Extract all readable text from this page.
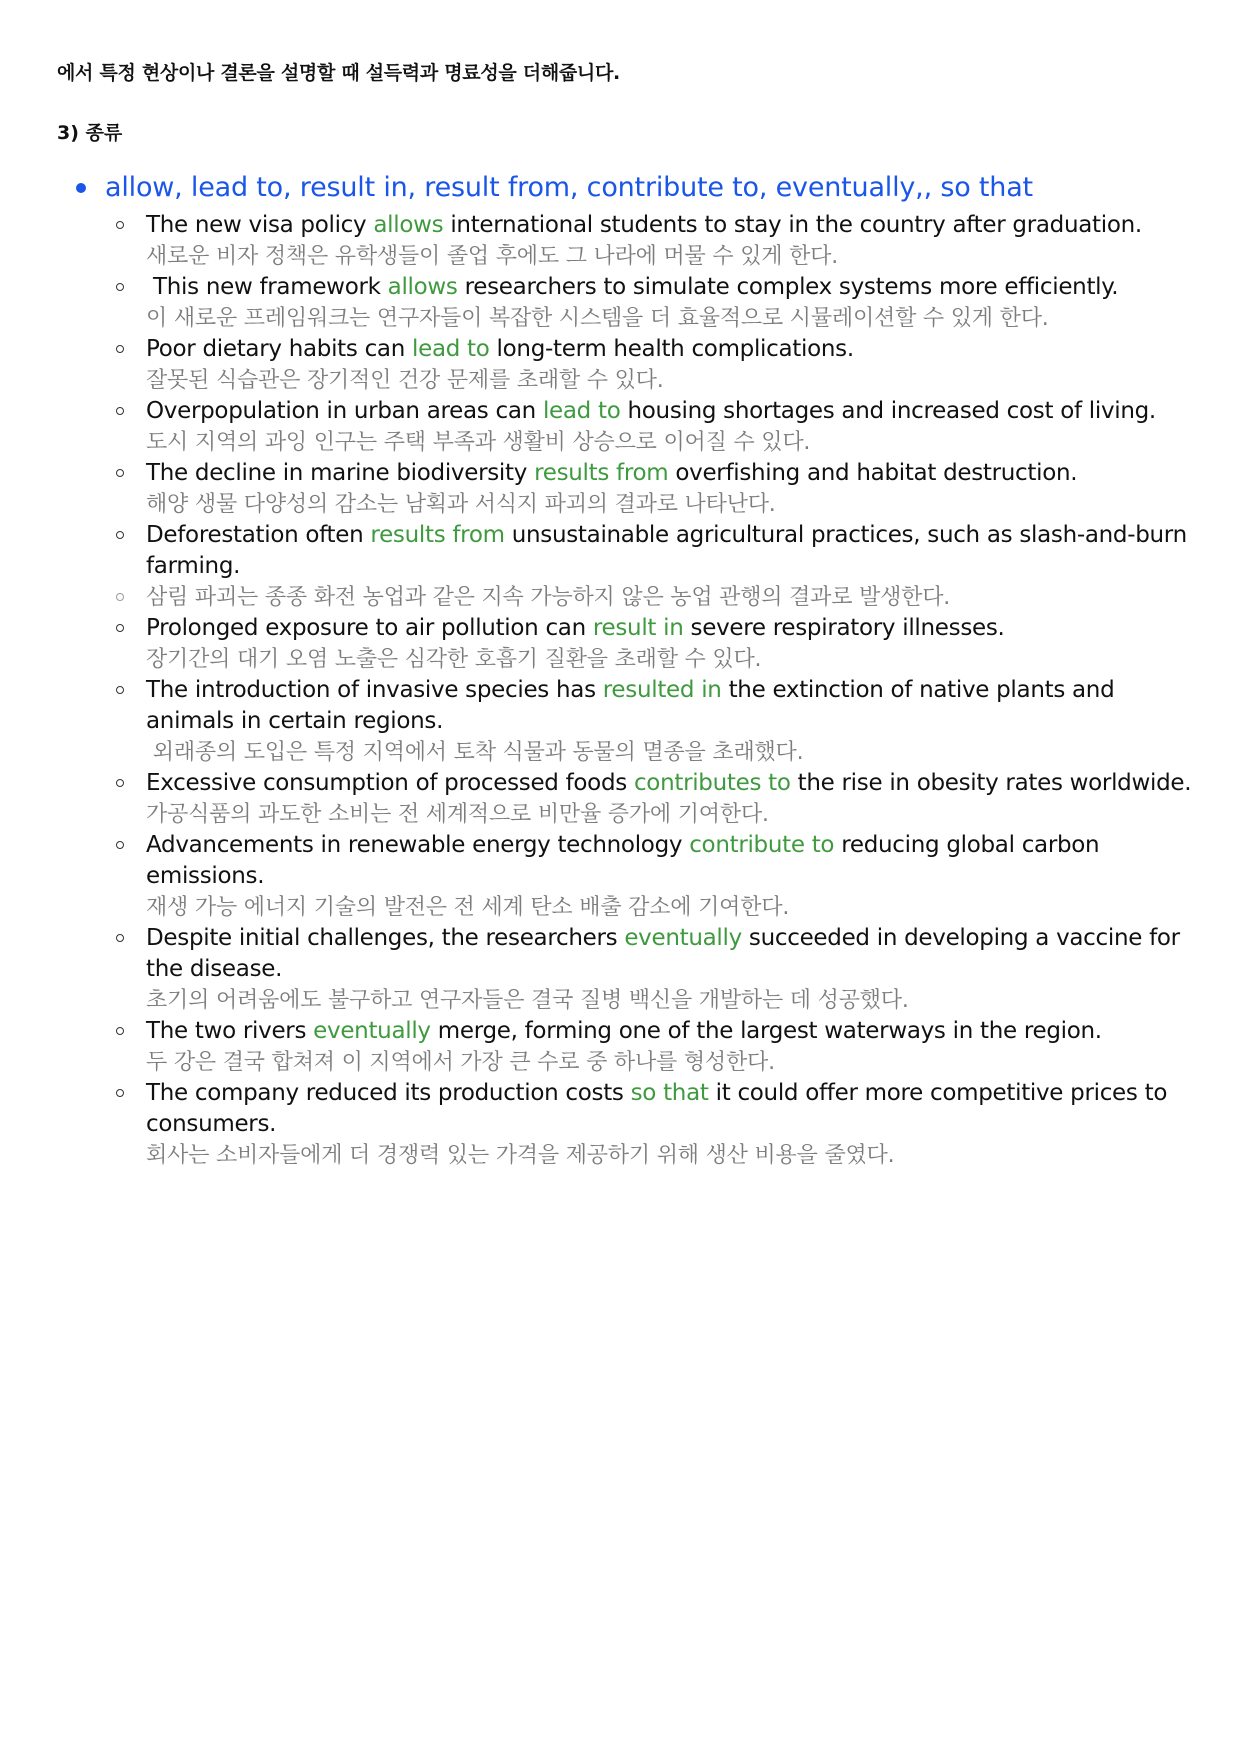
에서 특정 현상이나 결론을 설명할 때 설득력과 명료성을 더해줍니다.

3) 종류

allow, lead to, result in, result from, contribute to, eventually,, so that
The new visa policy allows international students to stay in the country after graduation.
새로운 비자 정책은 유학생들이 졸업 후에도 그 나라에 머물 수 있게 한다.
This new framework allows researchers to simulate complex systems more efficiently.
이 새로운 프레임워크는 연구자들이 복잡한 시스템을 더 효율적으로 시뮬레이션할 수 있게 한다.
Poor dietary habits can lead to long-term health complications.
잘못된 식습관은 장기적인 건강 문제를 초래할 수 있다.
Overpopulation in urban areas can lead to housing shortages and increased cost of living.
도시 지역의 과잉 인구는 주택 부족과 생활비 상승으로 이어질 수 있다.
The decline in marine biodiversity results from overfishing and habitat destruction.
해양 생물 다양성의 감소는 남획과 서식지 파괴의 결과로 나타난다.
Deforestation often results from unsustainable agricultural practices, such as slash-and-burn farming.
삼림 파괴는 종종 화전 농업과 같은 지속 가능하지 않은 농업 관행의 결과로 발생한다.
Prolonged exposure to air pollution can result in severe respiratory illnesses.
장기간의 대기 오염 노출은 심각한 호흡기 질환을 초래할 수 있다.
The introduction of invasive species has resulted in the extinction of native plants and animals in certain regions.
외래종의 도입은 특정 지역에서 토착 식물과 동물의 멸종을 초래했다.
Excessive consumption of processed foods contributes to the rise in obesity rates worldwide.
가공식품의 과도한 소비는 전 세계적으로 비만율 증가에 기여한다.
Advancements in renewable energy technology contribute to reducing global carbon emissions.
재생 가능 에너지 기술의 발전은 전 세계 탄소 배출 감소에 기여한다.
Despite initial challenges, the researchers eventually succeeded in developing a vaccine for the disease.
초기의 어려움에도 불구하고 연구자들은 결국 질병 백신을 개발하는 데 성공했다.
The two rivers eventually merge, forming one of the largest waterways in the region.
두 강은 결국 합쳐져 이 지역에서 가장 큰 수로 중 하나를 형성한다.
The company reduced its production costs so that it could offer more competitive prices to consumers.
회사는 소비자들에게 더 경쟁력 있는 가격을 제공하기 위해 생산 비용을 줄였다.
